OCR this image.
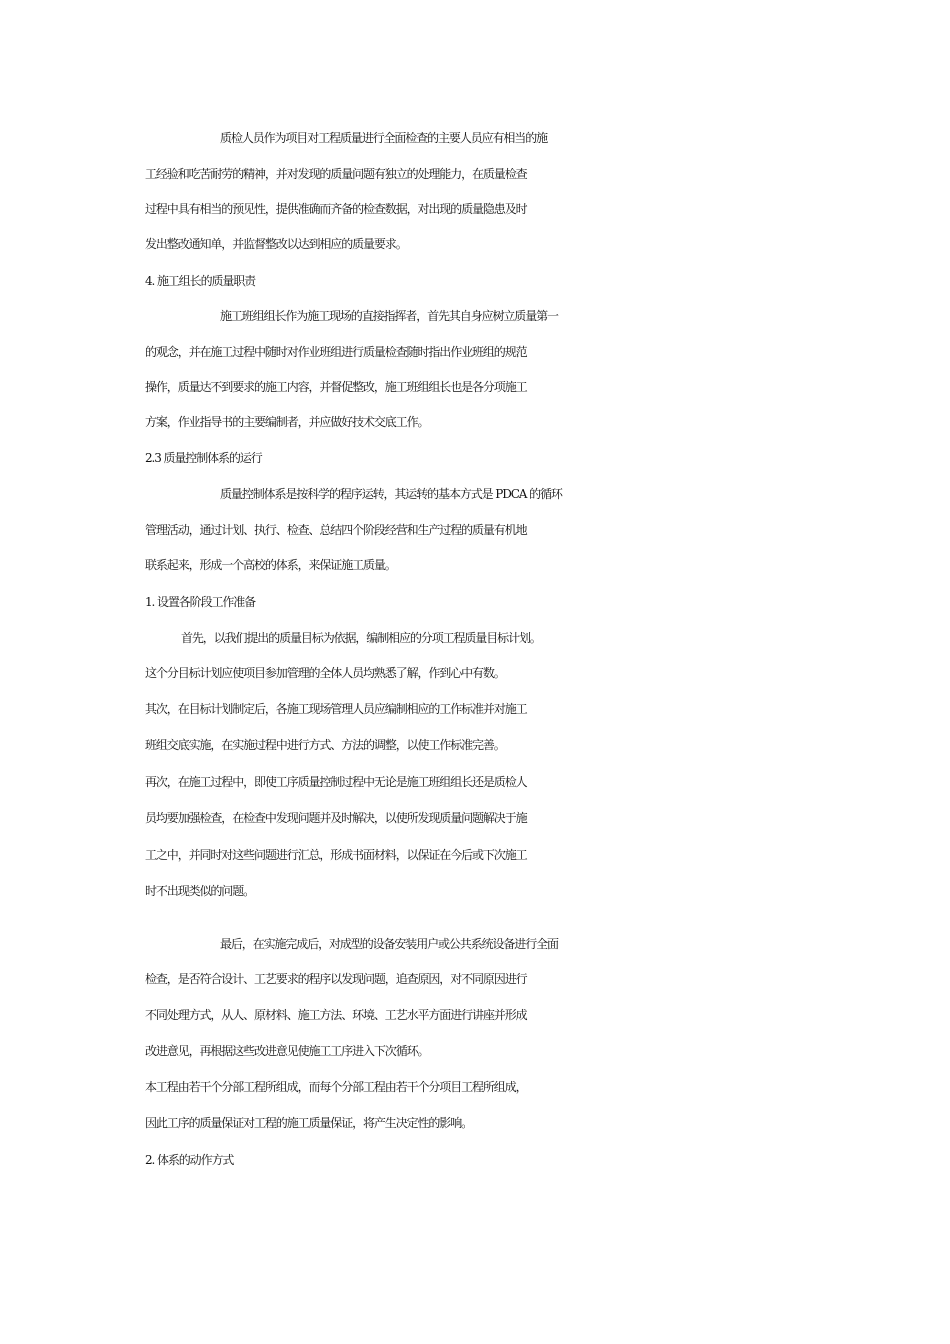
质检人员作为项目对工程质量进行全面检查的主要人员应有相当的施
工经验和吃苦耐劳的精神，并对发现的质量问题有独立的处理能力，在质量检查
过程中具有相当的预见性，提供准确而齐备的检查数据，对出现的质量隐患及时
发出整改通知单，并监督整改以达到相应的质量要求。
4. 施工组长的质量职责
施工班组组长作为施工现场的直接指挥者，首先其自身应树立质量第一
的观念，并在施工过程中随时对作业班组进行质量检查随时指出作业班组的规范
操作，质量达不到要求的施工内容，并督促整改，施工班组组长也是各分项施工
方案，作业指导书的主要编制者，并应做好技术交底工作。
2.3 质量控制体系的运行
质量控制体系是按科学的程序运转，其运转的基本方式是 PDCA 的循环
管理活动，通过计划、执行、检查、总结四个阶段经营和生产过程的质量有机地
联系起来，形成一个高校的体系，来保证施工质量。
1. 设置各阶段工作准备
首先，以我们提出的质量目标为依据，编制相应的分项工程质量目标计划。
这个分目标计划应使项目参加管理的全体人员均熟悉了解，作到心中有数。
其次，在目标计划制定后，各施工现场管理人员应编制相应的工作标准并对施工
班组交底实施，在实施过程中进行方式、方法的调整，以使工作标准完善。
再次，在施工过程中，即使工序质量控制过程中无论是施工班组组长还是质检人
员均要加强检查，在检查中发现问题并及时解决，以使所发现质量问题解决于施
工之中，并同时对这些问题进行汇总，形成书面材料，以保证在今后或下次施工
时不出现类似的问题。
最后，在实施完成后，对成型的设备安装用户或公共系统设备进行全面
检查，是否符合设计、工艺要求的程序以发现问题，追查原因，对不同原因进行
不同处理方式，从人、原材料、施工方法、环境、工艺水平方面进行讲座并形成
改进意见，再根据这些改进意见使施工工序进入下次循环。
本工程由若干个分部工程所组成，而每个分部工程由若干个分项目工程所组成，
因此工序的质量保证对工程的施工质量保证，将产生决定性的影响。
2. 体系的动作方式
